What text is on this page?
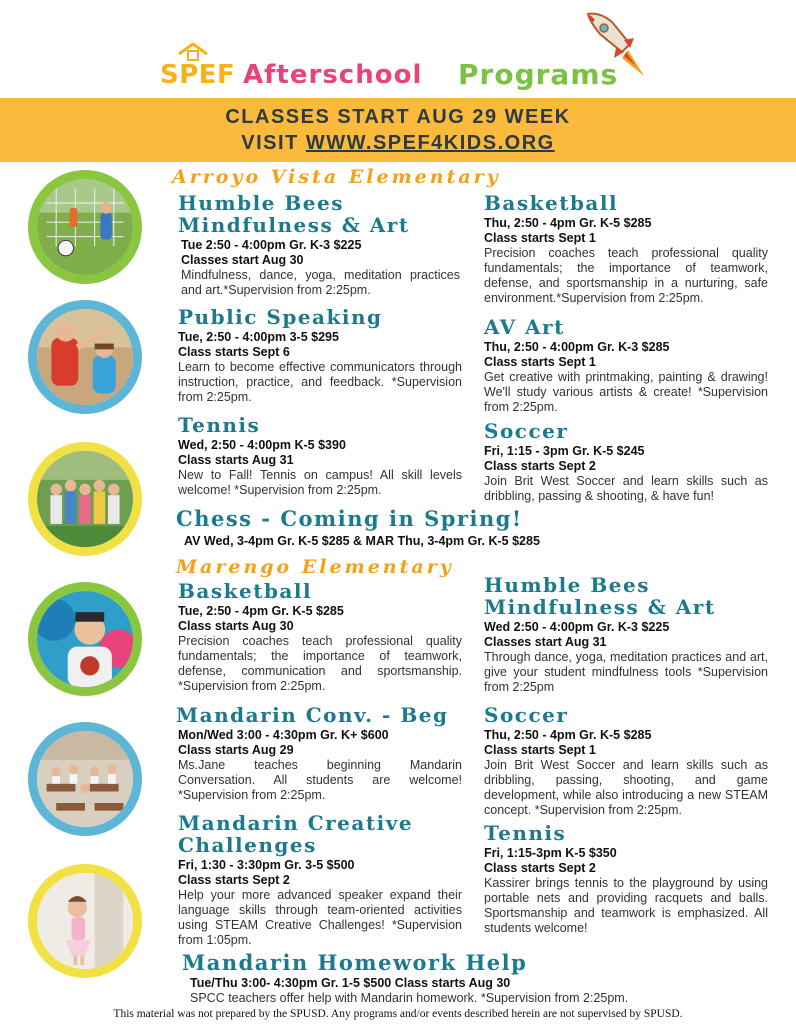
SPEF Afterschool Programs
CLASSES START AUG 29 WEEK
VISIT WWW.SPEF4KIDS.ORG
Arroyo Vista Elementary
Humble Bees
Mindfulness & Art
Tue 2:50 - 4:00pm Gr. K-3 $225
Classes start Aug 30
Mindfulness, dance, yoga, meditation practices and art.*Supervision from 2:25pm.
Public Speaking
Tue, 2:50 - 4:00pm 3-5 $295
Class starts Sept 6
Learn to become effective communicators through instruction, practice, and feedback. *Supervision from 2:25pm.
Tennis
Wed, 2:50 - 4:00pm K-5 $390
Class starts Aug 31
New to Fall! Tennis on campus! All skill levels welcome! *Supervision from 2:25pm.
Basketball
Thu, 2:50 - 4pm Gr. K-5 $285
Class starts Sept 1
Precision coaches teach professional quality fundamentals; the importance of teamwork, defense, and sportsmanship in a nurturing, safe environment.*Supervision from 2:25pm.
AV Art
Thu, 2:50 - 4:00pm Gr. K-3 $285
Class starts Sept 1
Get creative with printmaking, painting & drawing! We'll study various artists & create! *Supervision from 2:25pm.
Soccer
Fri, 1:15 - 3pm Gr. K-5 $245
Class starts Sept 2
Join Brit West Soccer and learn skills such as dribbling, passing & shooting, & have fun!
Chess - Coming in Spring!
AV Wed, 3-4pm Gr. K-5 $285 & MAR Thu, 3-4pm Gr. K-5 $285
Marengo Elementary
Basketball
Tue, 2:50 - 4pm Gr. K-5 $285
Class starts Aug 30
Precision coaches teach professional quality fundamentals; the importance of teamwork, defense, communication and sportsmanship. *Supervision from 2:25pm.
Mandarin Conv. - Beg
Mon/Wed 3:00 - 4:30pm Gr. K+ $600
Class starts Aug 29
Ms.Jane teaches beginning Mandarin Conversation. All students are welcome! *Supervision from 2:25pm.
Mandarin Creative
Challenges
Fri, 1:30 - 3:30pm Gr. 3-5 $500
Class starts Sept 2
Help your more advanced speaker expand their language skills through team-oriented activities using STEAM Creative Challenges! *Supervision from 1:05pm.
Humble Bees
Mindfulness & Art
Wed 2:50 - 4:00pm Gr. K-3 $225
Classes start Aug 31
Through dance, yoga, meditation practices and art, give your student mindfulness tools *Supervision from 2:25pm
Soccer
Thu, 2:50 - 4pm Gr. K-5 $285
Class starts Sept 1
Join Brit West Soccer and learn skills such as dribbling, passing, shooting, and game development, while also introducing a new STEAM concept. *Supervision from 2:25pm.
Tennis
Fri, 1:15-3pm K-5 $350
Class starts Sept 2
Kassirer brings tennis to the playground by using portable nets and providing racquets and balls. Sportsmanship and teamwork is emphasized. All students welcome!
Mandarin Homework Help
Tue/Thu 3:00- 4:30pm Gr. 1-5 $500 Class starts Aug 30
SPCC teachers offer help with Mandarin homework. *Supervision from 2:25pm.
This material was not prepared by the SPUSD. Any programs and/or events described herein are not supervised by SPUSD.
